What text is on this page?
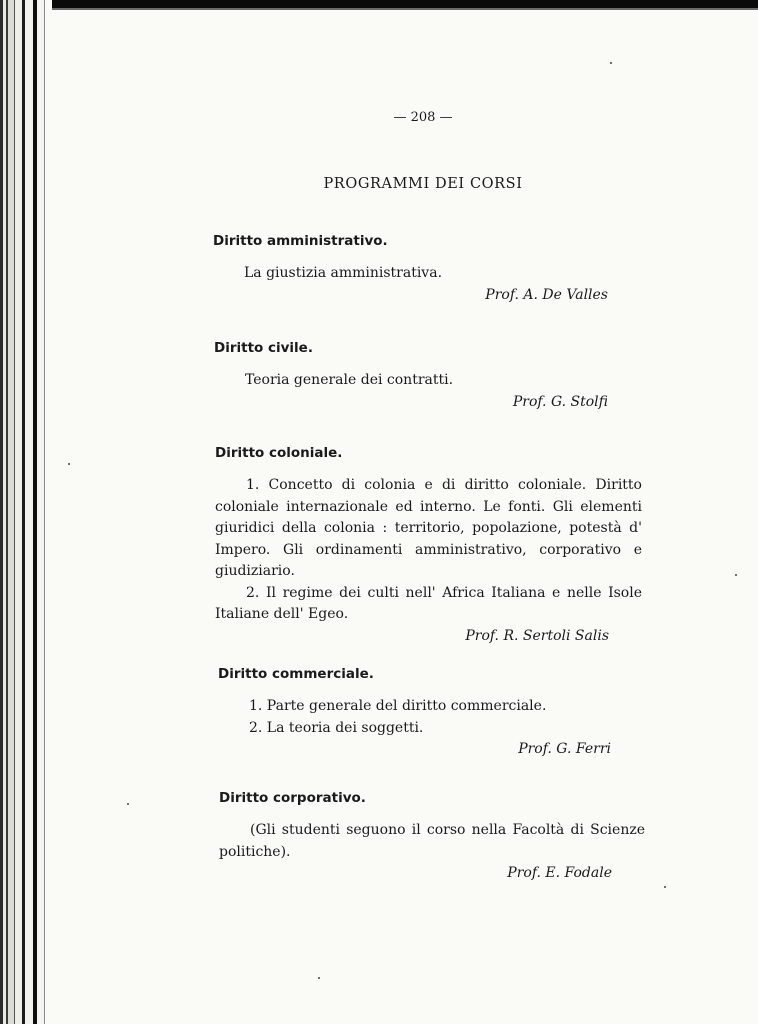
— 208 —
PROGRAMMI DEI CORSI
Diritto amministrativo.

La giustizia amministrativa.

Prof. A. De Valles
Diritto civile.

Teoria generale dei contratti.

Prof. G. Stolfi
Diritto coloniale.

1. Concetto di colonia e di diritto coloniale. Diritto coloniale internazionale ed interno. Le fonti. Gli elementi giuridici della colonia : territorio, popolazione, potestà d' Impero. Gli ordinamenti amministrativo, corporativo e giudiziario.

2. Il regime dei culti nell' Africa Italiana e nelle Isole Italiane dell' Egeo.

Prof. R. Sertoli Salis
Diritto commerciale.

1. Parte generale del diritto commerciale.

2. La teoria dei soggetti.

Prof. G. Ferri
Diritto corporativo.

(Gli studenti seguono il corso nella Facoltà di Scienze politiche).

Prof. E. Fodale
